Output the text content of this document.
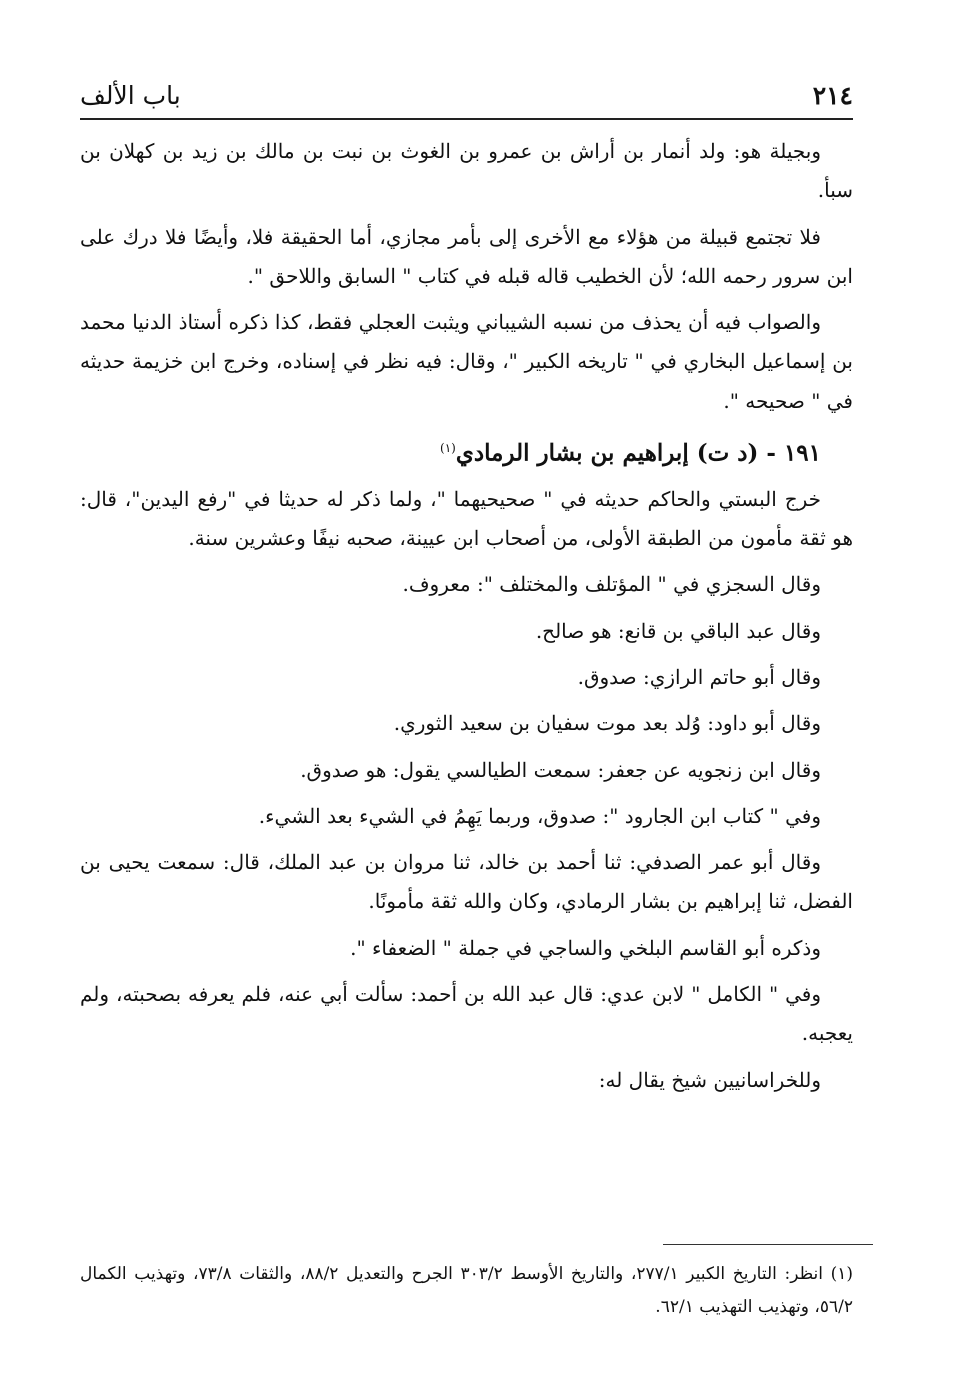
٢١٤
باب الألف

وبجيلة هو: ولد أنمار بن أراش بن عمرو بن الغوث بن نبت بن مالك بن زيد بن كهلان بن سبأ.

فلا تجتمع قبيلة من هؤلاء مع الأخرى إلى بأمر مجازي، أما الحقيقة فلا، وأيضًا فلا درك على ابن سرور رحمه الله؛ لأن الخطيب قاله قبله في كتاب " السابق واللاحق ".

والصواب فيه أن يحذف من نسبه الشيباني ويثبت العجلي فقط، كذا ذكره أستاذ الدنيا محمد بن إسماعيل البخاري في " تاريخه الكبير "، وقال: فيه نظر في إسناده، وخرج ابن خزيمة حديثه في " صحيحه ".

١٩١ - (د ت) إبراهيم بن بشار الرمادي$^{(١)}$

خرج البستي والحاكم حديثه في " صحيحيهما "، ولما ذكر له حديثا في "رفع اليدين"، قال: هو ثقة مأمون من الطبقة الأولى، من أصحاب ابن عيينة، صحبه نيفًا وعشرين سنة.

وقال السجزي في " المؤتلف والمختلف ": معروف.

وقال عبد الباقي بن قانع: هو صالح.

وقال أبو حاتم الرازي: صدوق.

وقال أبو داود: وُلد بعد موت سفيان بن سعيد الثوري.

وقال ابن زنجويه عن جعفر: سمعت الطيالسي يقول: هو صدوق.

وفي " كتاب ابن الجارود ": صدوق، وربما يَهِمُ في الشيء بعد الشيء.

وقال أبو عمر الصدفي: ثنا أحمد بن خالد، ثنا مروان بن عبد الملك، قال: سمعت يحيى بن الفضل، ثنا إبراهيم بن بشار الرمادي، وكان والله ثقة مأمونًا.

وذكره أبو القاسم البلخي والساجي في جملة " الضعفاء ".

وفي " الكامل " لابن عدي: قال عبد الله بن أحمد: سألت أبي عنه، فلم يعرفه بصحبته، ولم يعجبه.

وللخراسانيين شيخ يقال له:

(١) انظر: التاريخ الكبير ٢٧٧/١، والتاريخ الأوسط ٣٠٣/٢ الجرح والتعديل ٨٨/٢، والثقات ٧٣/٨، وتهذيب الكمال ٥٦/٢، وتهذيب التهذيب ٦٢/١.
